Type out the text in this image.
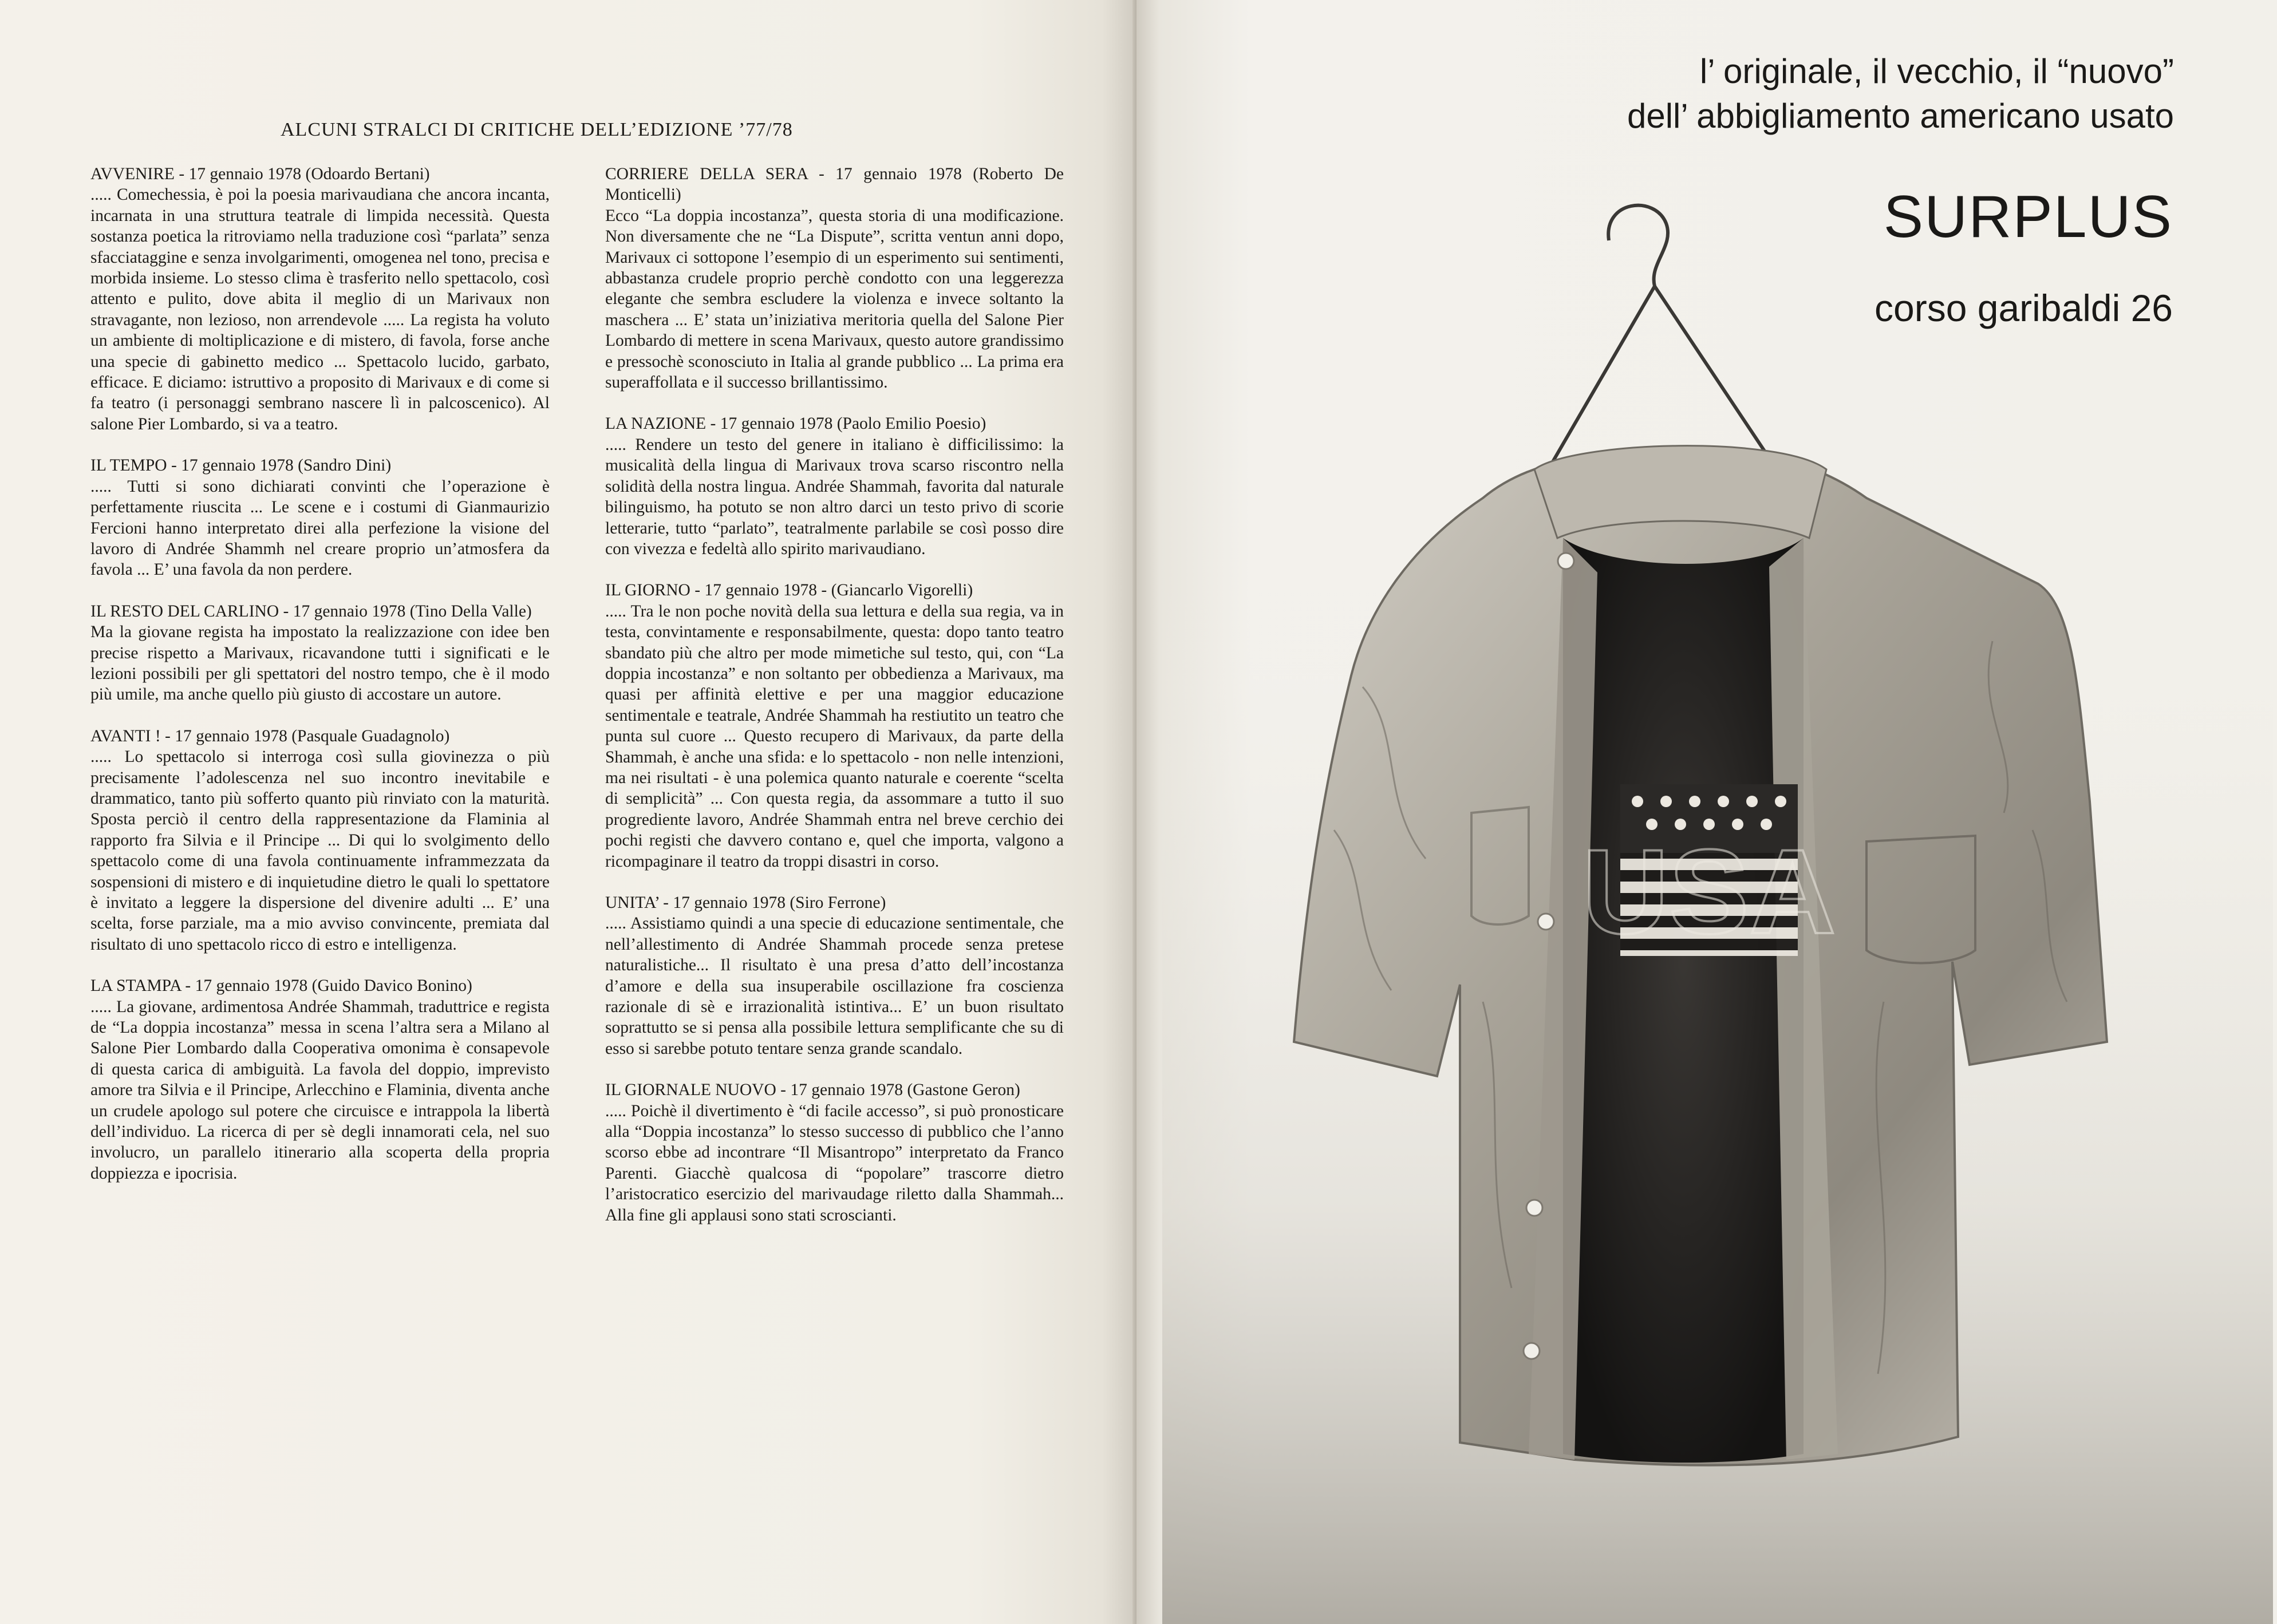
ALCUNI STRALCI DI CRITICHE DELL’EDIZIONE ’77/78
AVVENIRE - 17 gennaio 1978 (Odoardo Bertani)
..... Comechessia, è poi la poesia marivaudiana che ancora incanta, incarnata in una struttura teatrale di limpida necessità. Questa sostanza poetica la ritroviamo nella traduzione così “parlata” senza sfacciataggine e senza involgarimenti, omogenea nel tono, precisa e morbida insieme. Lo stesso clima è trasferito nello spettacolo, così attento e pulito, dove abita il meglio di un Marivaux non stravagante, non lezioso, non arrendevole ..... La regista ha voluto un ambiente di moltiplicazione e di mistero, di favola, forse anche una specie di gabinetto medico ... Spettacolo lucido, garbato, efficace. E diciamo: istruttivo a proposito di Marivaux e di come si fa teatro (i personaggi sembrano nascere lì in palcoscenico). Al salone Pier Lombardo, si va a teatro.
IL TEMPO - 17 gennaio 1978 (Sandro Dini)
..... Tutti si sono dichiarati convinti che l’operazione è perfettamente riuscita ... Le scene e i costumi di Gianmaurizio Fercioni hanno interpretato direi alla perfezione la visione del lavoro di Andrée Shammh nel creare proprio un’atmosfera da favola ... E’ una favola da non perdere.
IL RESTO DEL CARLINO - 17 gennaio 1978 (Tino Della Valle)
Ma la giovane regista ha impostato la realizzazione con idee ben precise rispetto a Marivaux, ricavandone tutti i significati e le lezioni possibili per gli spettatori del nostro tempo, che è il modo più umile, ma anche quello più giusto di accostare un autore.
AVANTI ! - 17 gennaio 1978 (Pasquale Guadagnolo)
..... Lo spettacolo si interroga così sulla giovinezza o più precisamente l’adolescenza nel suo incontro inevitabile e drammatico, tanto più sofferto quanto più rinviato con la maturità. Sposta perciò il centro della rappresentazione da Flaminia al rapporto fra Silvia e il Principe ... Di qui lo svolgimento dello spettacolo come di una favola continuamente inframmezzata da sospensioni di mistero e di inquietudine dietro le quali lo spettatore è invitato a leggere la dispersione del divenire adulti ... E’ una scelta, forse parziale, ma a mio avviso convincente, premiata dal risultato di uno spettacolo ricco di estro e intelligenza.
LA STAMPA - 17 gennaio 1978 (Guido Davico Bonino)
..... La giovane, ardimentosa Andrée Shammah, traduttrice e regista de “La doppia incostanza” messa in scena l’altra sera a Milano al Salone Pier Lombardo dalla Cooperativa omonima è consapevole di questa carica di ambiguità. La favola del doppio, imprevisto amore tra Silvia e il Principe, Arlecchino e Flaminia, diventa anche un crudele apologo sul potere che circuisce e intrappola la libertà dell’individuo. La ricerca di per sè degli innamorati cela, nel suo involucro, un parallelo itinerario alla scoperta della propria doppiezza e ipocrisia.
CORRIERE DELLA SERA - 17 gennaio 1978 (Roberto De Monticelli)
Ecco “La doppia incostanza”, questa storia di una modificazione. Non diversamente che ne “La Dispute”, scritta ventun anni dopo, Marivaux ci sottopone l’esempio di un esperimento sui sentimenti, abbastanza crudele proprio perchè condotto con una leggerezza elegante che sembra escludere la violenza e invece soltanto la maschera ... E’ stata un’iniziativa meritoria quella del Salone Pier Lombardo di mettere in scena Marivaux, questo autore grandissimo e pressochè sconosciuto in Italia al grande pubblico ... La prima era superaffollata e il successo brillantissimo.
LA NAZIONE - 17 gennaio 1978 (Paolo Emilio Poesio)
..... Rendere un testo del genere in italiano è difficilissimo: la musicalità della lingua di Marivaux trova scarso riscontro nella solidità della nostra lingua. Andrée Shammah, favorita dal naturale bilinguismo, ha potuto se non altro darci un testo privo di scorie letterarie, tutto “parlato”, teatralmente parlabile se così posso dire con vivezza e fedeltà allo spirito marivaudiano.
IL GIORNO - 17 gennaio 1978 - (Giancarlo Vigorelli)
..... Tra le non poche novità della sua lettura e della sua regia, va in testa, convintamente e responsabilmente, questa: dopo tanto teatro sbandato più che altro per mode mimetiche sul testo, qui, con “La doppia incostanza” e non soltanto per obbedienza a Marivaux, ma quasi per affinità elettive e per una maggior educazione sentimentale e teatrale, Andrée Shammah ha restiutito un teatro che punta sul cuore ... Questo recupero di Marivaux, da parte della Shammah, è anche una sfida: e lo spettacolo - non nelle intenzioni, ma nei risultati - è una polemica quanto naturale e coerente “scelta di semplicità” ... Con questa regia, da assommare a tutto il suo progrediente lavoro, Andrée Shammah entra nel breve cerchio dei pochi registi che davvero contano e, quel che importa, valgono a ricompaginare il teatro da troppi disastri in corso.
UNITA’ - 17 gennaio 1978 (Siro Ferrone)
..... Assistiamo quindi a una specie di educazione sentimentale, che nell’allestimento di Andrée Shammah procede senza pretese naturalistiche... Il risultato è una presa d’atto dell’incostanza d’amore e della sua insuperabile oscillazione fra coscienza razionale di sè e irrazionalità istintiva... E’ un buon risultato soprattutto se si pensa alla possibile lettura semplificante che su di esso si sarebbe potuto tentare senza grande scandalo.
IL GIORNALE NUOVO - 17 gennaio 1978 (Gastone Geron)
..... Poichè il divertimento è “di facile accesso”, si può pronosticare alla “Doppia incostanza” lo stesso successo di pubblico che l’anno scorso ebbe ad incontrare “Il Misantropo” interpretato da Franco Parenti. Giacchè qualcosa di “popolare” trascorre dietro l’aristocratico esercizio del marivaudage riletto dalla Shammah... Alla fine gli applausi sono stati scroscianti.
l’ originale, il vecchio, il “nuovo”
dell’ abbigliamento americano usato
SURPLUS
corso garibaldi 26
USA
